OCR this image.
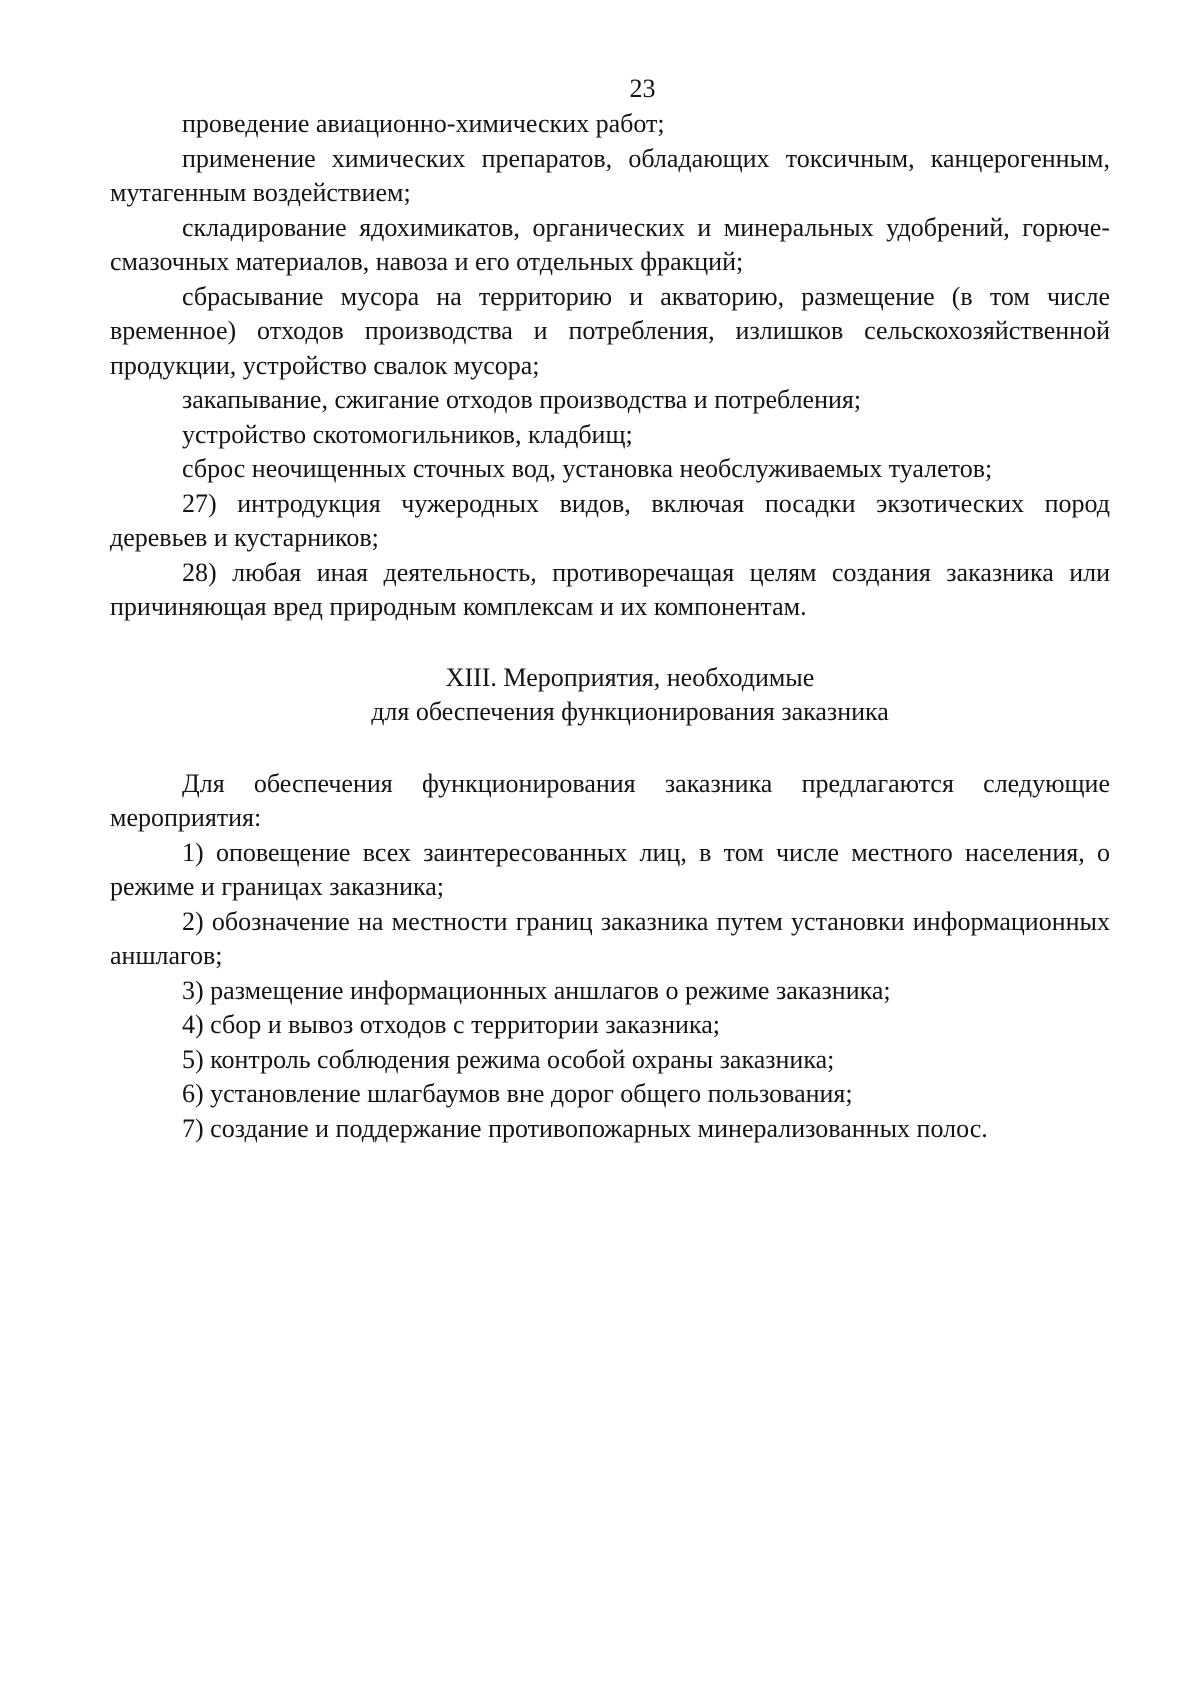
23

проведение авиационно-химических работ;

применение химических препаратов, обладающих токсичным, канцерогенным, мутагенным воздействием;

складирование ядохимикатов, органических и минеральных удобрений, горюче-смазочных материалов, навоза и его отдельных фракций;

сбрасывание мусора на территорию и акваторию, размещение (в том числе временное) отходов производства и потребления, излишков сельскохозяйственной продукции, устройство свалок мусора;

закапывание, сжигание отходов производства и потребления;

устройство скотомогильников, кладбищ;

сброс неочищенных сточных вод, установка необслуживаемых туалетов;

27) интродукция чужеродных видов, включая посадки экзотических пород деревьев и кустарников;

28) любая иная деятельность, противоречащая целям создания заказника или причиняющая вред природным комплексам и их компонентам.

XIII. Мероприятия, необходимые

для обеспечения функционирования заказника

Для обеспечения функционирования заказника предлагаются следующие мероприятия:

1) оповещение всех заинтересованных лиц, в том числе местного населения, о режиме и границах заказника;

2) обозначение на местности границ заказника путем установки информационных аншлагов;

3) размещение информационных аншлагов о режиме заказника;

4) сбор и вывоз отходов с территории заказника;

5) контроль соблюдения режима особой охраны заказника;

6) установление шлагбаумов вне дорог общего пользования;

7) создание и поддержание противопожарных минерализованных полос.
